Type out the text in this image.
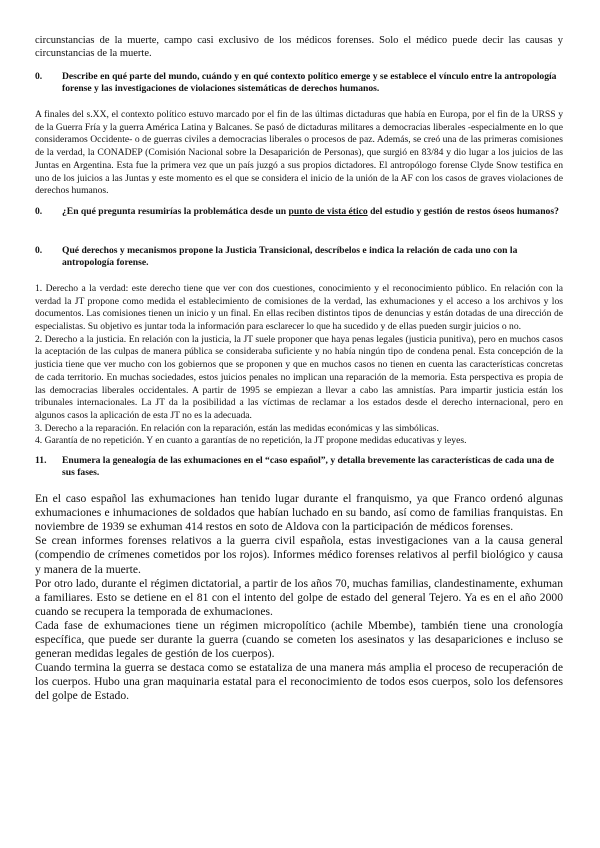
circunstancias de la muerte, campo casi exclusivo de los médicos forenses. Solo el médico puede decir las causas y circunstancias de la muerte.

0.	Describe en qué parte del mundo, cuándo y en qué contexto político emerge y se establece el vínculo entre la antropología forense y las investigaciones de violaciones sistemáticas de derechos humanos.

A finales del s.XX, el contexto político estuvo marcado por el fin de las últimas dictaduras que había en Europa, por el fin de la URSS y de la Guerra Fría y la guerra América Latina y Balcanes. Se pasó de dictaduras militares a democracias liberales -especialmente en lo que consideramos Occidente- o de guerras civiles a democracias liberales o procesos de paz. Además, se creó una de las primeras comisiones de la verdad, la CONADEP (Comisión Nacional sobre la Desaparición de Personas), que surgió en 83/84 y dio lugar a los juicios de las Juntas en Argentina. Esta fue la primera vez que un país juzgó a sus propios dictadores. El antropólogo forense Clyde Snow testifica en uno de los juicios a las Juntas y este momento es el que se considera el inicio de la unión de la AF con los casos de graves violaciones de derechos humanos.

0.	¿En qué pregunta resumirías la problemática desde un punto de vista ético del estudio y gestión de restos óseos humanos?
0.	Qué derechos y mecanismos propone la Justicia Transicional, descríbelos e indica la relación de cada uno con la antropología forense.

1. Derecho a la verdad: este derecho tiene que ver con dos cuestiones, conocimiento y el reconocimiento público. En relación con la verdad la JT propone como medida el establecimiento de comisiones de la verdad, las exhumaciones y el acceso a los archivos y los documentos. Las comisiones tienen un inicio y un final. En ellas reciben distintos tipos de denuncias y están dotadas de una dirección de especialistas. Su objetivo es juntar toda la información para esclarecer lo que ha sucedido y de ellas pueden surgir juicios o no.

2. Derecho a la justicia. En relación con la justicia, la JT suele proponer que haya penas legales (justicia punitiva), pero en muchos casos la aceptación de las culpas de manera pública se consideraba suficiente y no había ningún tipo de condena penal. Esta concepción de la justicia tiene que ver mucho con los gobiernos que se proponen y que en muchos casos no tienen en cuenta las características concretas de cada territorio. En muchas sociedades, estos juicios penales no implican una reparación de la memoria. Esta perspectiva es propia de las democracias liberales occidentales. A partir de 1995 se empiezan a llevar a cabo las amnistías. Para impartir justicia están los tribunales internacionales. La JT da la posibilidad a las víctimas de reclamar a los estados desde el derecho internacional, pero en algunos casos la aplicación de esta JT no es la adecuada.

3. Derecho a la reparación. En relación con la reparación, están las medidas económicas y las simbólicas.

4. Garantía de no repetición. Y en cuanto a garantías de no repetición, la JT propone medidas educativas y leyes.

11.	Enumera la genealogía de las exhumaciones en el “caso español”, y detalla brevemente las características de cada una de sus fases.

En el caso español las exhumaciones han tenido lugar durante el franquismo, ya que Franco ordenó algunas exhumaciones e inhumaciones de soldados que habían luchado en su bando, así como de familias franquistas. En noviembre de 1939 se exhuman 414 restos en soto de Aldova con la participación de médicos forenses.

Se crean informes forenses relativos a la guerra civil española, estas investigaciones van a la causa general (compendio de crímenes cometidos por los rojos). Informes médico forenses relativos al perfil biológico y causa y manera de la muerte.

Por otro lado, durante el régimen dictatorial, a partir de los años 70, muchas familias, clandestinamente, exhuman a familiares. Esto se detiene en el 81 con el intento del golpe de estado del general Tejero. Ya es en el año 2000 cuando se recupera la temporada de exhumaciones.

Cada fase de exhumaciones tiene un régimen micropolítico (achile Mbembe), también tiene una cronología específica, que puede ser durante la guerra (cuando se cometen los asesinatos y las desapariciones e incluso se generan medidas legales de gestión de los cuerpos).

Cuando termina la guerra se destaca como se estataliza de una manera más amplia el proceso de recuperación de los cuerpos. Hubo una gran maquinaria estatal para el reconocimiento de todos esos cuerpos, solo los defensores del golpe de Estado.
